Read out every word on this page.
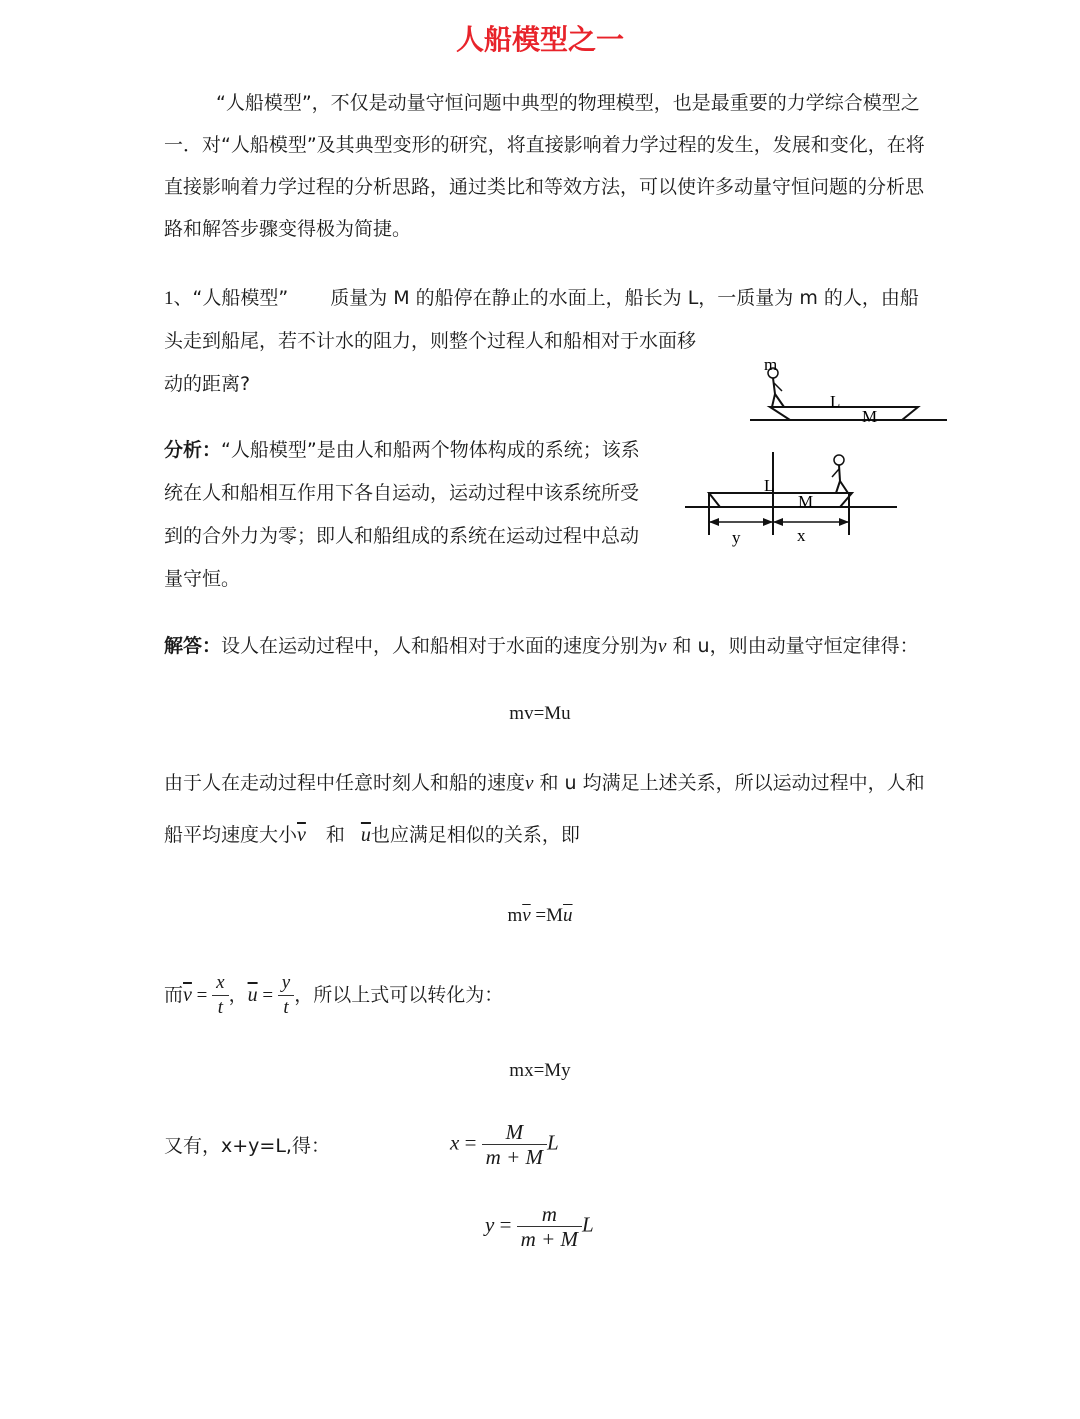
人船模型之一
“人船模型”，不仅是动量守恒问题中典型的物理模型，也是最重要的力学综合模型之
一．对“人船模型”及其典型变形的研究，将直接影响着力学过程的发生，发展和变化，在将
直接影响着力学过程的分析思路，通过类比和等效方法，可以使许多动量守恒问题的分析思
路和解答步骤变得极为简捷。
1、“人船模型” 质量为 M 的船停在静止的水面上，船长为 L，一质量为 m 的人，由船
头走到船尾，若不计水的阻力，则整个过程人和船相对于水面移
动的距离?
m
L
M
分析：“人船模型”是由人和船两个物体构成的系统；该系
统在人和船相互作用下各自运动，运动过程中该系统所受
到的合外力为零；即人和船组成的系统在运动过程中总动
量守恒。
L
M
y	x
解答：设人在运动过程中，人和船相对于水面的速度分别为v 和 u，则由动量守恒定律得：
mv=Mu
由于人在走动过程中任意时刻人和船的速度v 和 u 均满足上述关系，所以运动过程中，人和
船平均速度大小$\overline{v}$ 和 $\overline{u}$也应满足相似的关系，即
$m\overline{v} =M\overline{u}$
而$\overline{v} = \frac{x}{t}$ ，$\overline{u} = \frac{y}{t}$ ，所以上式可以转化为：
mx=My
又有，x+y=L,得：	$x = \frac{M}{m + M}$ L
$y = \frac{m}{m + M}$ L
